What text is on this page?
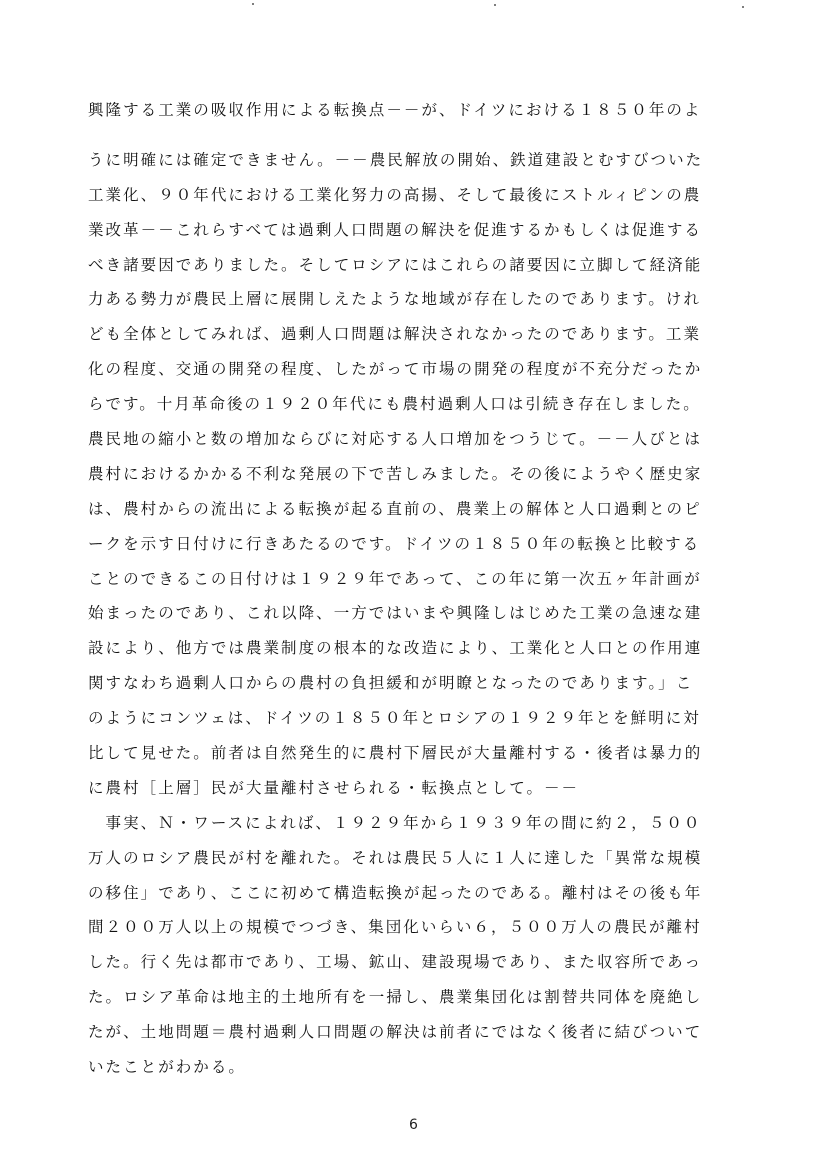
興隆する工業の吸収作用による転換点－－が、ドイツにおける１８５０年のよ
うに明確には確定できません。－－農民解放の開始、鉄道建設とむすびついた
工業化、９０年代における工業化努力の高揚、そして最後にストルィピンの農
業改革－－これらすべては過剰人口問題の解決を促進するかもしくは促進する
べき諸要因でありました。そしてロシアにはこれらの諸要因に立脚して経済能
力ある勢力が農民上層に展開しえたような地域が存在したのであります。けれ
ども全体としてみれば、過剰人口問題は解決されなかったのであります。工業
化の程度、交通の開発の程度、したがって市場の開発の程度が不充分だったか
らです。十月革命後の１９２０年代にも農村過剰人口は引続き存在しました。
農民地の縮小と数の増加ならびに対応する人口増加をつうじて。－－人びとは
農村におけるかかる不利な発展の下で苦しみました。その後にようやく歴史家
は、農村からの流出による転換が起る直前の、農業上の解体と人口過剰とのピ
ークを示す日付けに行きあたるのです。ドイツの１８５０年の転換と比較する
ことのできるこの日付けは１９２９年であって、この年に第一次五ヶ年計画が
始まったのであり、これ以降、一方ではいまや興隆しはじめた工業の急速な建
設により、他方では農業制度の根本的な改造により、工業化と人口との作用連
関すなわち過剰人口からの農村の負担緩和が明瞭となったのであります。」こ
のようにコンツェは、ドイツの１８５０年とロシアの１９２９年とを鮮明に対
比して見せた。前者は自然発生的に農村下層民が大量離村する・後者は暴力的
に農村［上層］民が大量離村させられる・転換点として。－－
　事実、Ｎ・ワースによれば、１９２９年から１９３９年の間に約２，５００
万人のロシア農民が村を離れた。それは農民５人に１人に達した「異常な規模
の移住」であり、ここに初めて構造転換が起ったのである。離村はその後も年
間２００万人以上の規模でつづき、集団化いらい６，５００万人の農民が離村
した。行く先は都市であり、工場、鉱山、建設現場であり、また収容所であっ
た。ロシア革命は地主的土地所有を一掃し、農業集団化は割替共同体を廃絶し
たが、土地問題＝農村過剰人口問題の解決は前者にではなく後者に結びついて
いたことがわかる。
6
